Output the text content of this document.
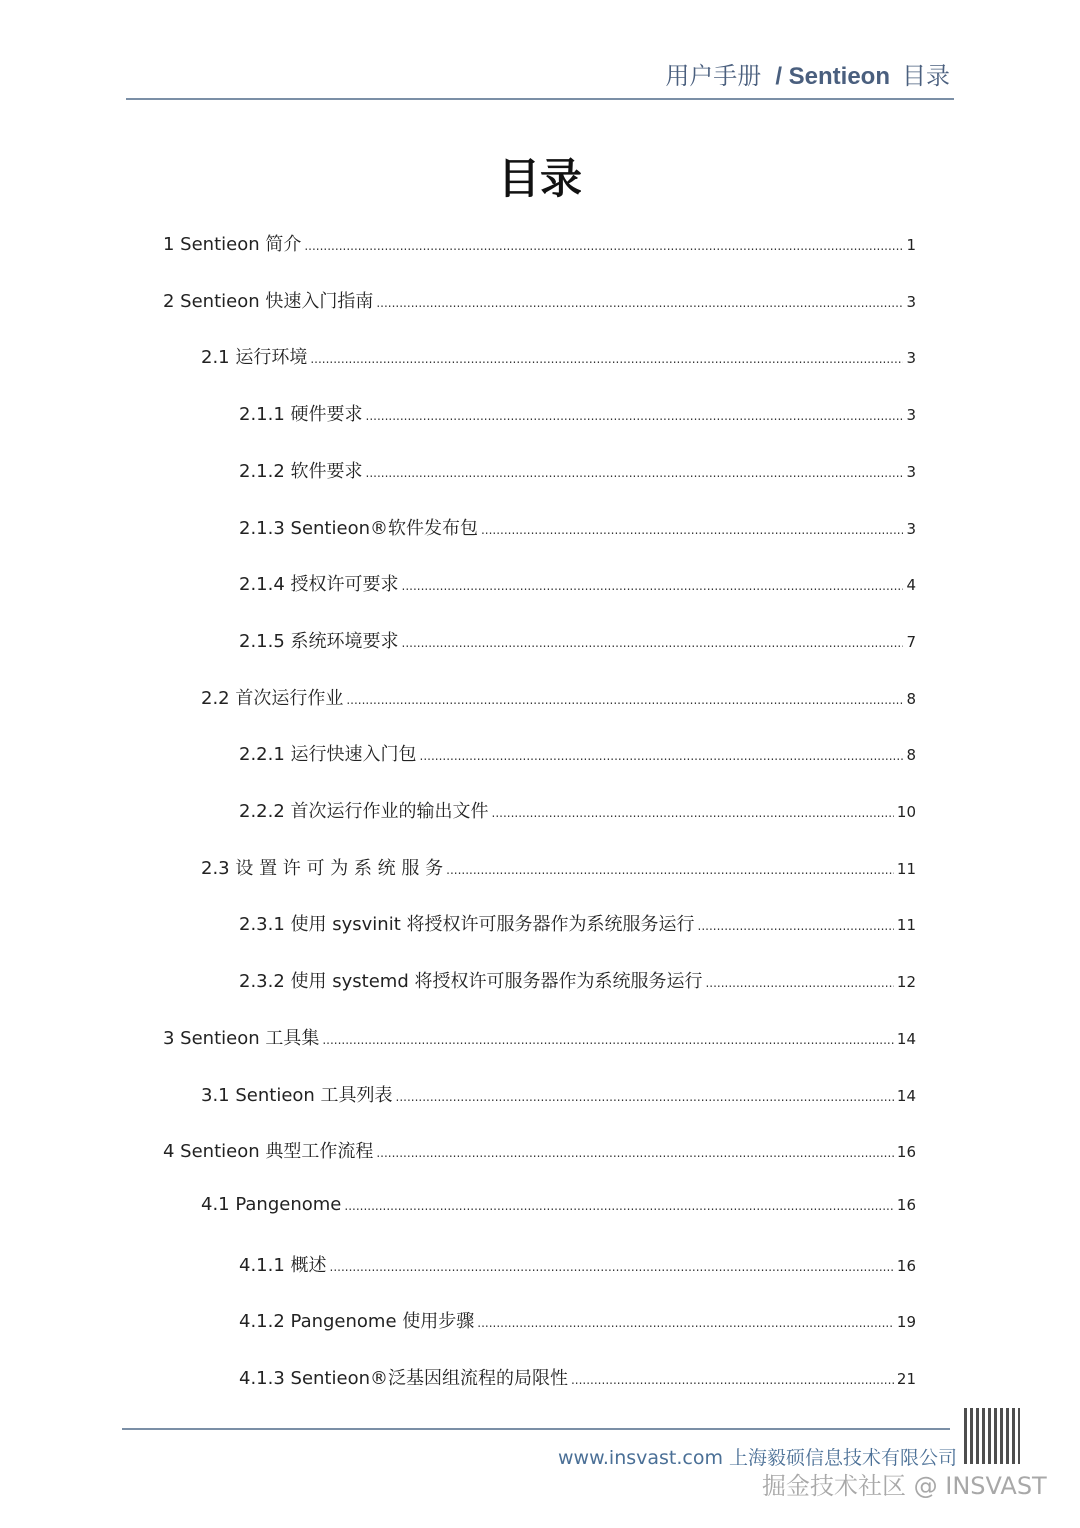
用户手册 / Sentieon 目录
目录
1 Sentieon 简介 .....	1
2 Sentieon 快速入门指南 .....	3
2.1 运行环境 .....	3
2.1.1 硬件要求 .....	3
2.1.2 软件要求 .....	3
2.1.3 Sentieon®软件发布包 .....	3
2.1.4 授权许可要求 .....	4
2.1.5 系统环境要求 .....	7
2.2 首次运行作业 .....	8
2.2.1 运行快速入门包 .....	8
2.2.2 首次运行作业的输出文件 .....	10
2.3 设 置 许 可 为 系 统 服 务 .....	11
2.3.1 使用 sysvinit 将授权许可服务器作为系统服务运行 .....	11
2.3.2 使用 systemd 将授权许可服务器作为系统服务运行 .....	12
3 Sentieon 工具集 .....	14
3.1 Sentieon 工具列表 .....	14
4 Sentieon 典型工作流程 .....	16
4.1 Pangenome .....	16
4.1.1 概述 .....	16
4.1.2 Pangenome 使用步骤 .....	19
4.1.3 Sentieon®泛基因组流程的局限性 .....	21
www.insvast.com 上海毅硕信息技术有限公司
掘金技术社区 @ INSVAST
